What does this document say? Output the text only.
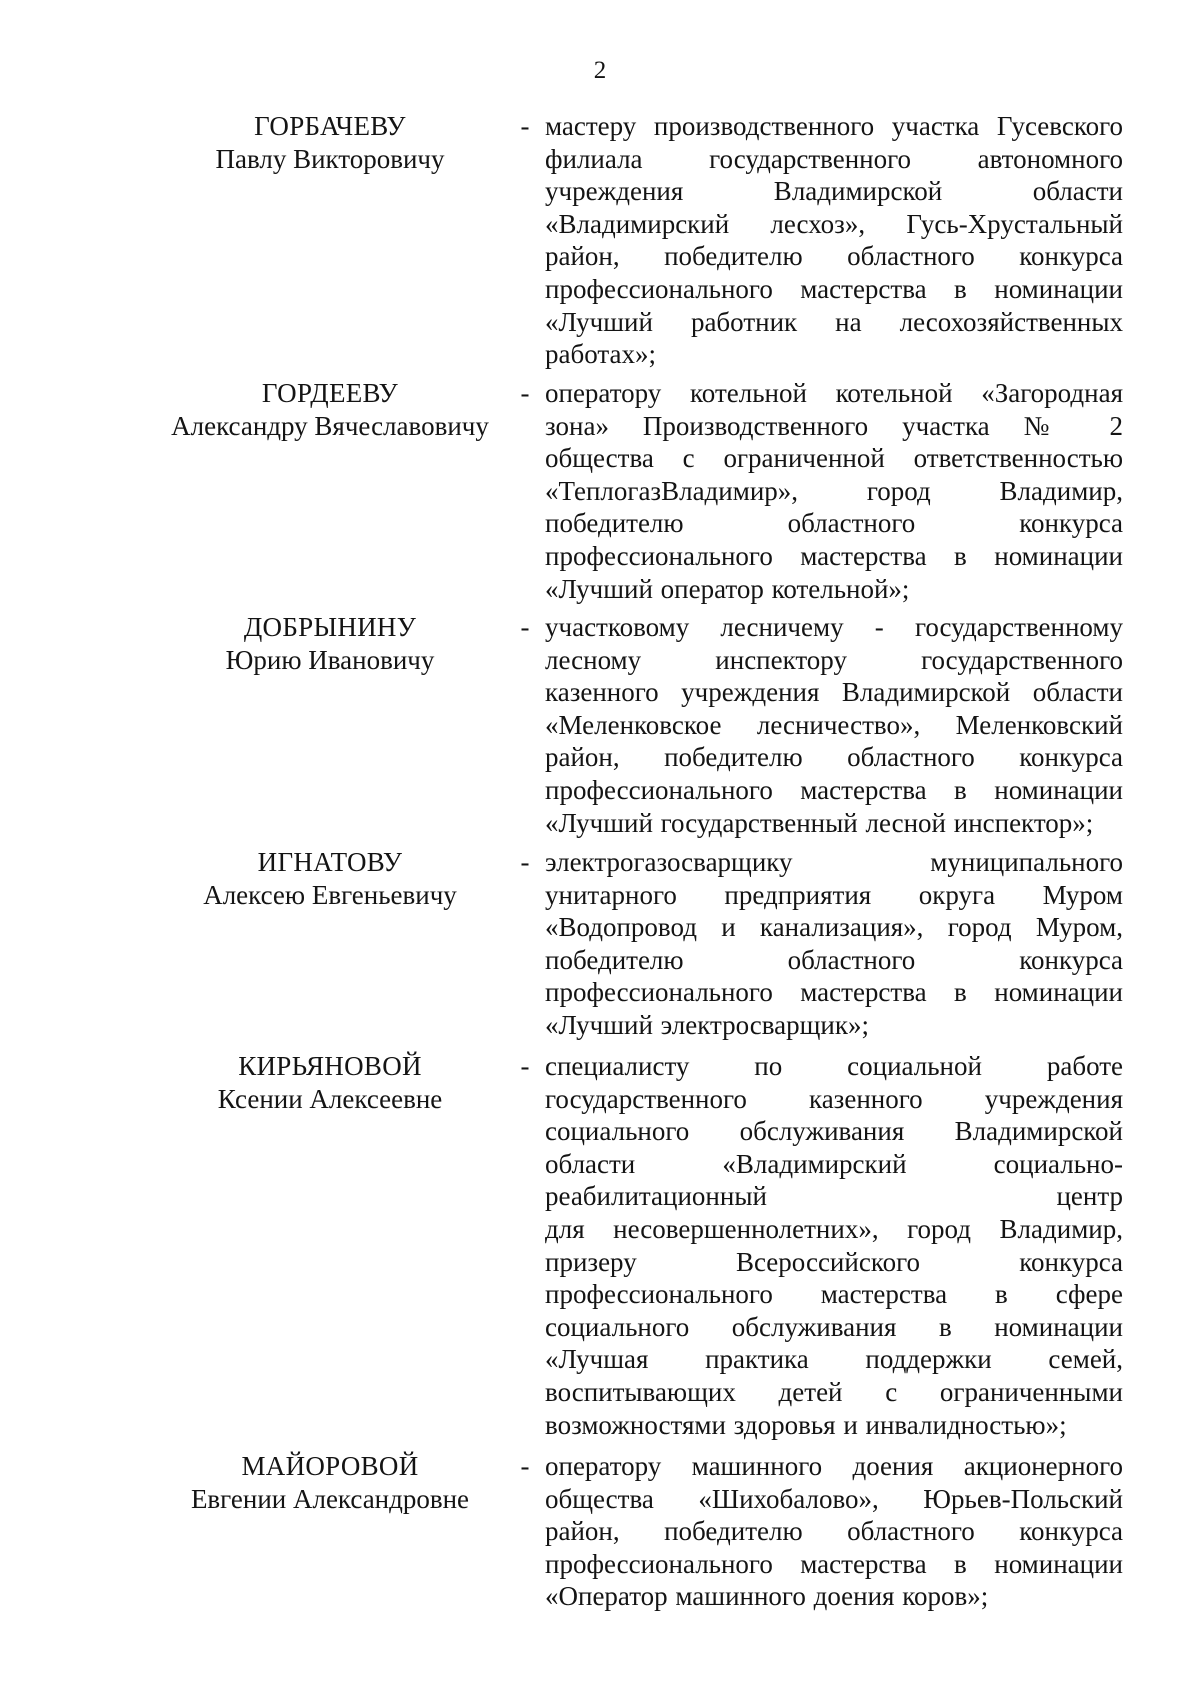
2
ГОРБАЧЕВУ
Павлу Викторовичу
- мастеру производственного участка Гусевского
филиала государственного автономного
учреждения Владимирской области
«Владимирский лесхоз», Гусь-Хрустальный
район, победителю областного конкурса
профессионального мастерства в номинации
«Лучший работник на лесохозяйственных
работах»;
ГОРДЕЕВУ
Александру Вячеславовичу
- оператору котельной котельной «Загородная
зона» Производственного участка № 2
общества с ограниченной ответственностью
«ТеплогазВладимир», город Владимир,
победителю областного конкурса
профессионального мастерства в номинации
«Лучший оператор котельной»;
ДОБРЫНИНУ
Юрию Ивановичу
- участковому лесничему - государственному
лесному инспектору государственного
казенного учреждения Владимирской области
«Меленковское лесничество», Меленковский
район, победителю областного конкурса
профессионального мастерства в номинации
«Лучший государственный лесной инспектор»;
ИГНАТОВУ
Алексею Евгеньевичу
- электрогазосварщику муниципального
унитарного предприятия округа Муром
«Водопровод и канализация», город Муром,
победителю областного конкурса
профессионального мастерства в номинации
«Лучший электросварщик»;
КИРЬЯНОВОЙ
Ксении Алексеевне
- специалисту по социальной работе
государственного казенного учреждения
социального обслуживания Владимирской
области «Владимирский социально-
реабилитационный центр
для несовершеннолетних», город Владимир,
призеру Всероссийского конкурса
профессионального мастерства в сфере
социального обслуживания в номинации
«Лучшая практика поддержки семей,
воспитывающих детей с ограниченными
возможностями здоровья и инвалидностью»;
МАЙОРОВОЙ
Евгении Александровне
- оператору машинного доения акционерного
общества «Шихобалово», Юрьев-Польский
район, победителю областного конкурса
профессионального мастерства в номинации
«Оператор машинного доения коров»;
